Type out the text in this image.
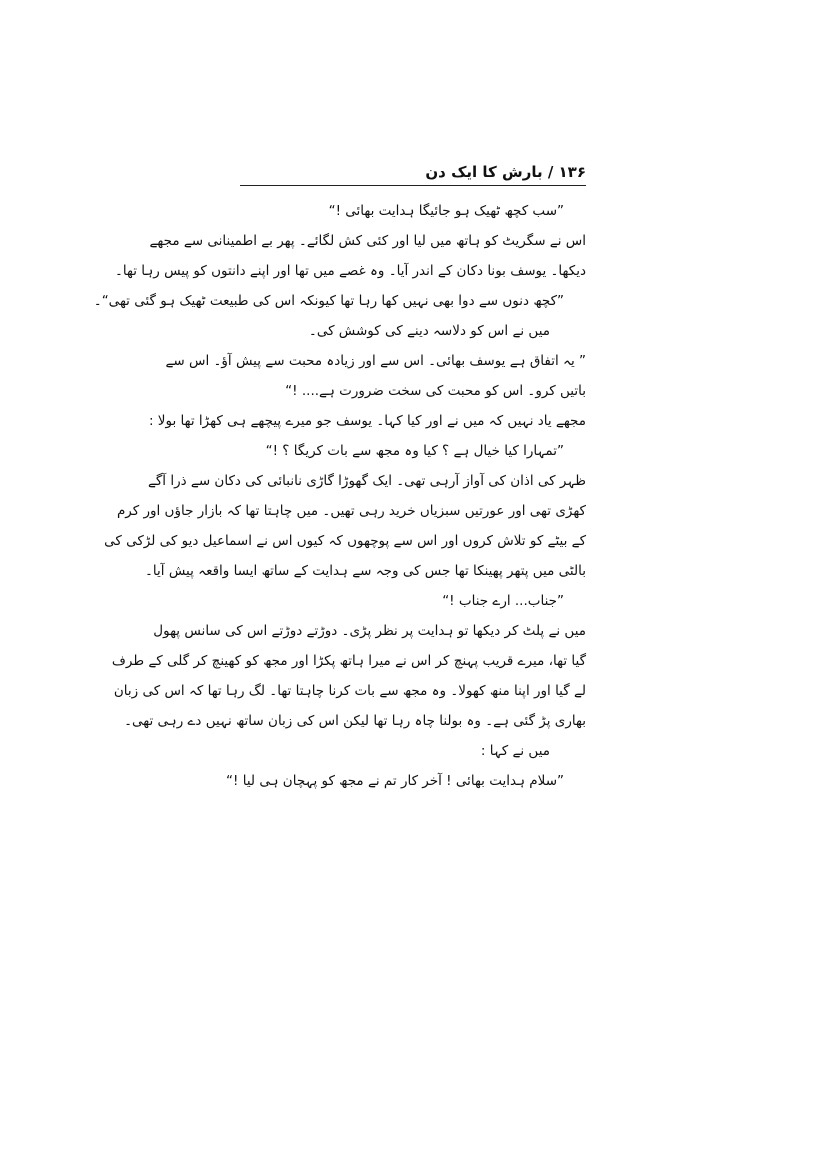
۱۳۶ / بارش کا ایک دن
”سب کچھ ٹھیک ہو جائیگا ہدایت بھائی !“
اس نے سگریٹ کو ہاتھ میں لیا اور کئی کش لگائے۔ پھر بے اطمینانی سے مجھے
دیکھا۔ یوسف بونا دکان کے اندر آیا۔ وہ غصے میں تھا اور اپنے دانتوں کو پیس رہا تھا۔
”کچھ دنوں سے دوا بھی نہیں کھا رہا تھا کیونکہ اس کی طبیعت ٹھیک ہو گئی تھی“۔
میں نے اس کو دلاسہ دینے کی کوشش کی۔
” یہ اتفاق ہے یوسف بھائی۔ اس سے اور زیادہ محبت سے پیش آؤ۔ اس سے
باتیں کرو۔ اس کو محبت کی سخت ضرورت ہے.... !“
مجھے یاد نہیں کہ میں نے اور کیا کہا۔ یوسف جو میرے پیچھے ہی کھڑا تھا بولا :
”تمہارا کیا خیال ہے ؟ کیا وہ مجھ سے بات کریگا ؟ !“
ظہر کی اذان کی آواز آرہی تھی۔ ایک گھوڑا گاڑی نانبائی کی دکان سے ذرا آگے
کھڑی تھی اور عورتیں سبزیاں خرید رہی تھیں۔ میں چاہتا تھا کہ بازار جاؤں اور کرم
کے بیٹے کو تلاش کروں اور اس سے پوچھوں کہ کیوں اس نے اسماعیل دیو کی لڑکی کی
بالٹی میں پتھر پھینکا تھا جس کی وجہ سے ہدایت کے ساتھ ایسا واقعہ پیش آیا۔
”جناب... ارے جناب !“
میں نے پلٹ کر دیکھا تو ہدایت پر نظر پڑی۔ دوڑتے دوڑتے اس کی سانس پھول
گیا تھا، میرے قریب پہنچ کر اس نے میرا ہاتھ پکڑا اور مجھ کو کھینچ کر گلی کے طرف
لے گیا اور اپنا منھ کھولا۔ وہ مجھ سے بات کرنا چاہتا تھا۔ لگ رہا تھا کہ اس کی زبان
بھاری پڑ گئی ہے۔ وہ بولنا چاہ رہا تھا لیکن اس کی زبان ساتھ نہیں دے رہی تھی۔
میں نے کہا :
”سلام ہدایت بھائی ! آخر کار تم نے مجھ کو پہچان ہی لیا !“
